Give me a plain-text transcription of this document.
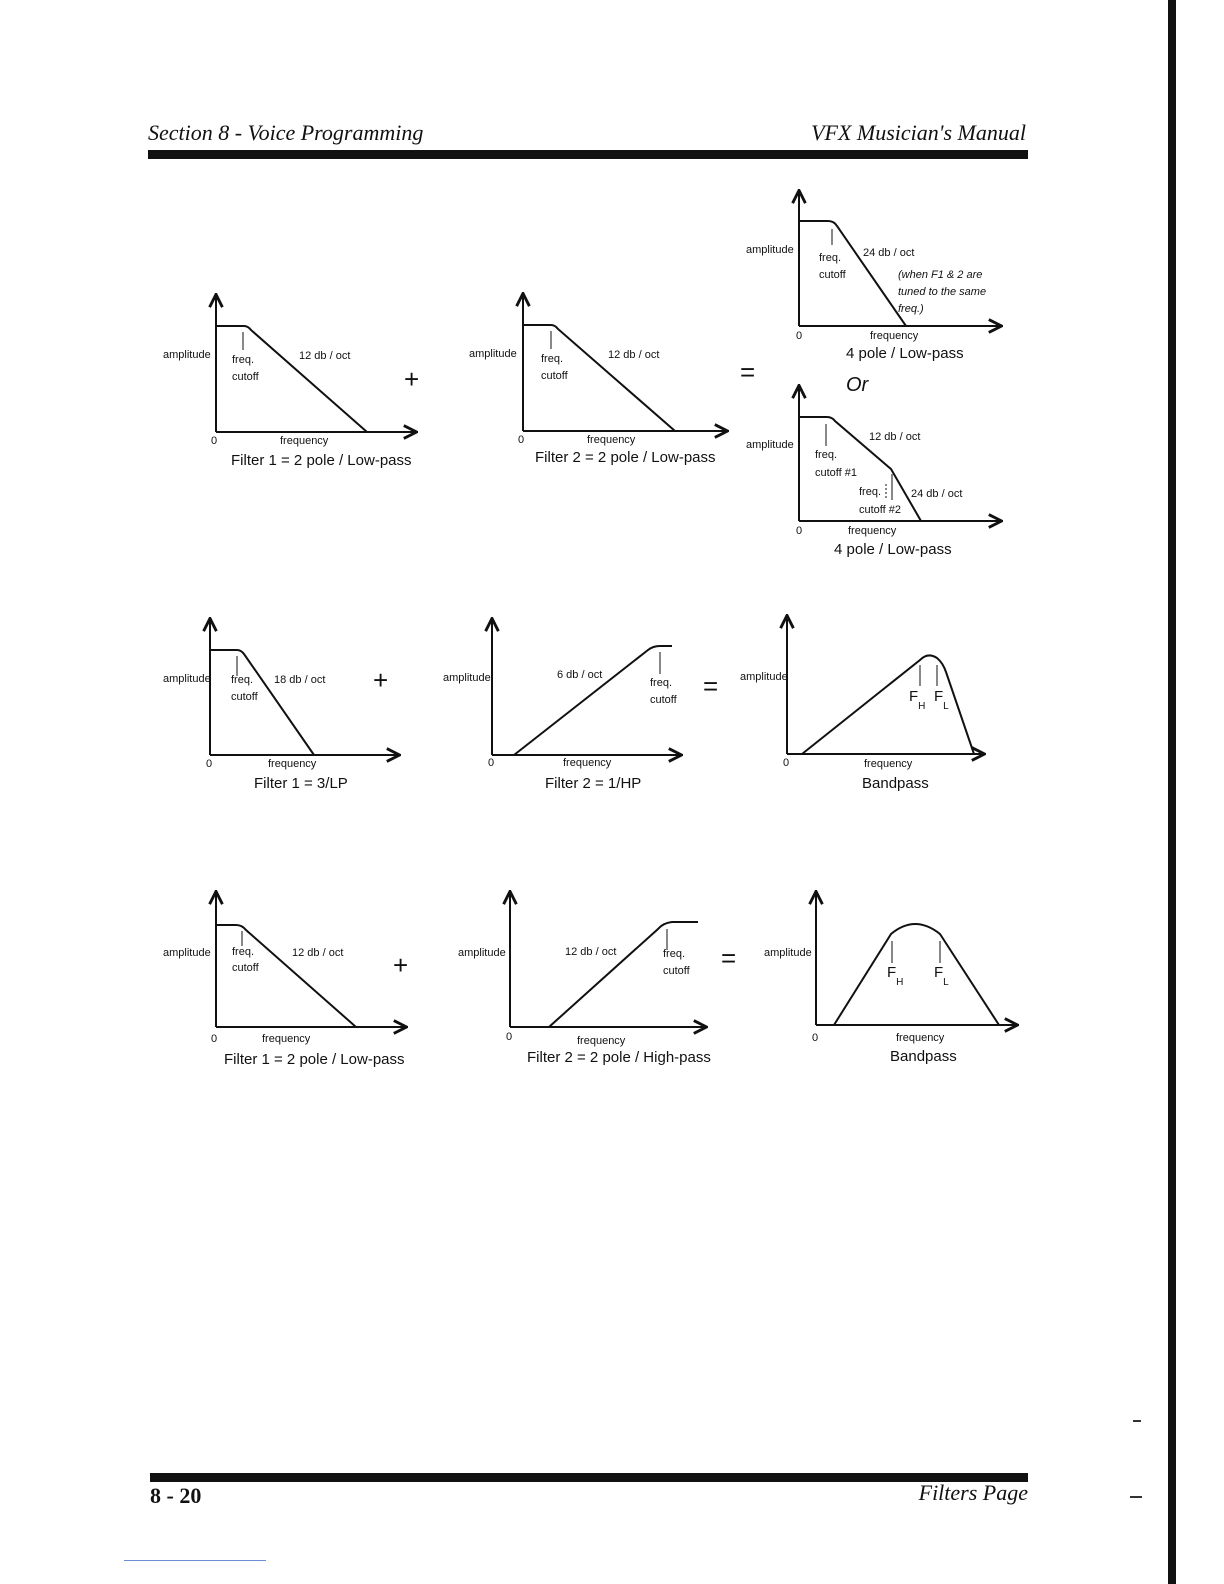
Section 8 - Voice Programming	VFX Musician's Manual
amplitude freq.
cutoff
12 db / oct
0	frequency
Filter 1 = 2 pole / Low-pass
+
amplitude freq.
cutoff
12 db / oct
0	frequency
Filter 2 = 2 pole / Low-pass
=
amplitude
freq.
cutoff
24 db / oct
(when F1 & 2 are
tuned to the same
freq.)
0	frequency
4 pole / Low-pass
Or
amplitude
freq.
cutoff #1
12 db / oct
freq.
cutoff #2
24 db / oct
0	frequency
4 pole / Low-pass
amplitude freq.
cutoff
18 db / oct
0	frequency
Filter 1 = 3/LP
+	amplitude	6 db / oct
freq.
cutoff
0	frequency
Filter 2 = 1/HP
= amplitude
$F_H$
$F_L$
0	frequency
Bandpass
amplitude freq.
cutoff
12 db / oct
0	frequency
Filter 1 = 2 pole / Low-pass
+	amplitude	12 db / oct	freq.
cutoff
0	frequency
Filter 2 = 2 pole / High-pass
=	amplitude
$F_H$
$F_L$
0	frequency
Bandpass
8 - 20	Filters Page
